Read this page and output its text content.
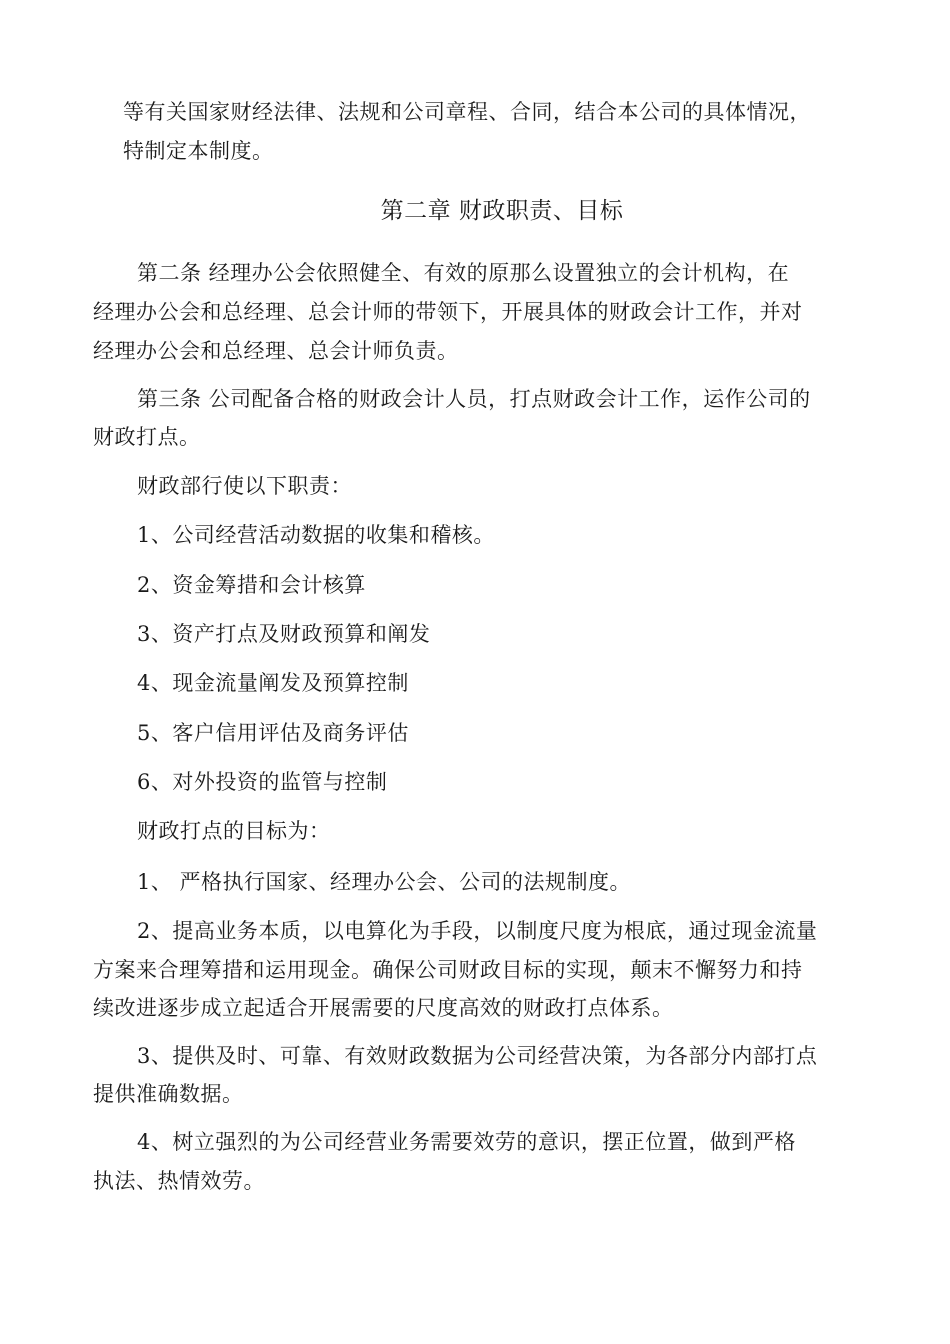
等有关国家财经法律、法规和公司章程、合同，结合本公司的具体情况，
特制定本制度。
第二章 财政职责、目标
第二条 经理办公会依照健全、有效的原那么设置独立的会计机构，在
经理办公会和总经理、总会计师的带领下，开展具体的财政会计工作，并对
经理办公会和总经理、总会计师负责。
第三条 公司配备合格的财政会计人员，打点财政会计工作，运作公司的
财政打点。
财政部行使以下职责：
1、公司经营活动数据的收集和稽核。
2、资金筹措和会计核算
3、资产打点及财政预算和阐发
4、现金流量阐发及预算控制
5、客户信用评估及商务评估
6、对外投资的监管与控制
财政打点的目标为：
1、 严格执行国家、经理办公会、公司的法规制度。
2、提高业务本质，以电算化为手段，以制度尺度为根底，通过现金流量
方案来合理筹措和运用现金。确保公司财政目标的实现，颠末不懈努力和持
续改进逐步成立起适合开展需要的尺度高效的财政打点体系。
3、提供及时、可靠、有效财政数据为公司经营决策，为各部分内部打点
提供准确数据。
4、树立强烈的为公司经营业务需要效劳的意识，摆正位置，做到严格
执法、热情效劳。
